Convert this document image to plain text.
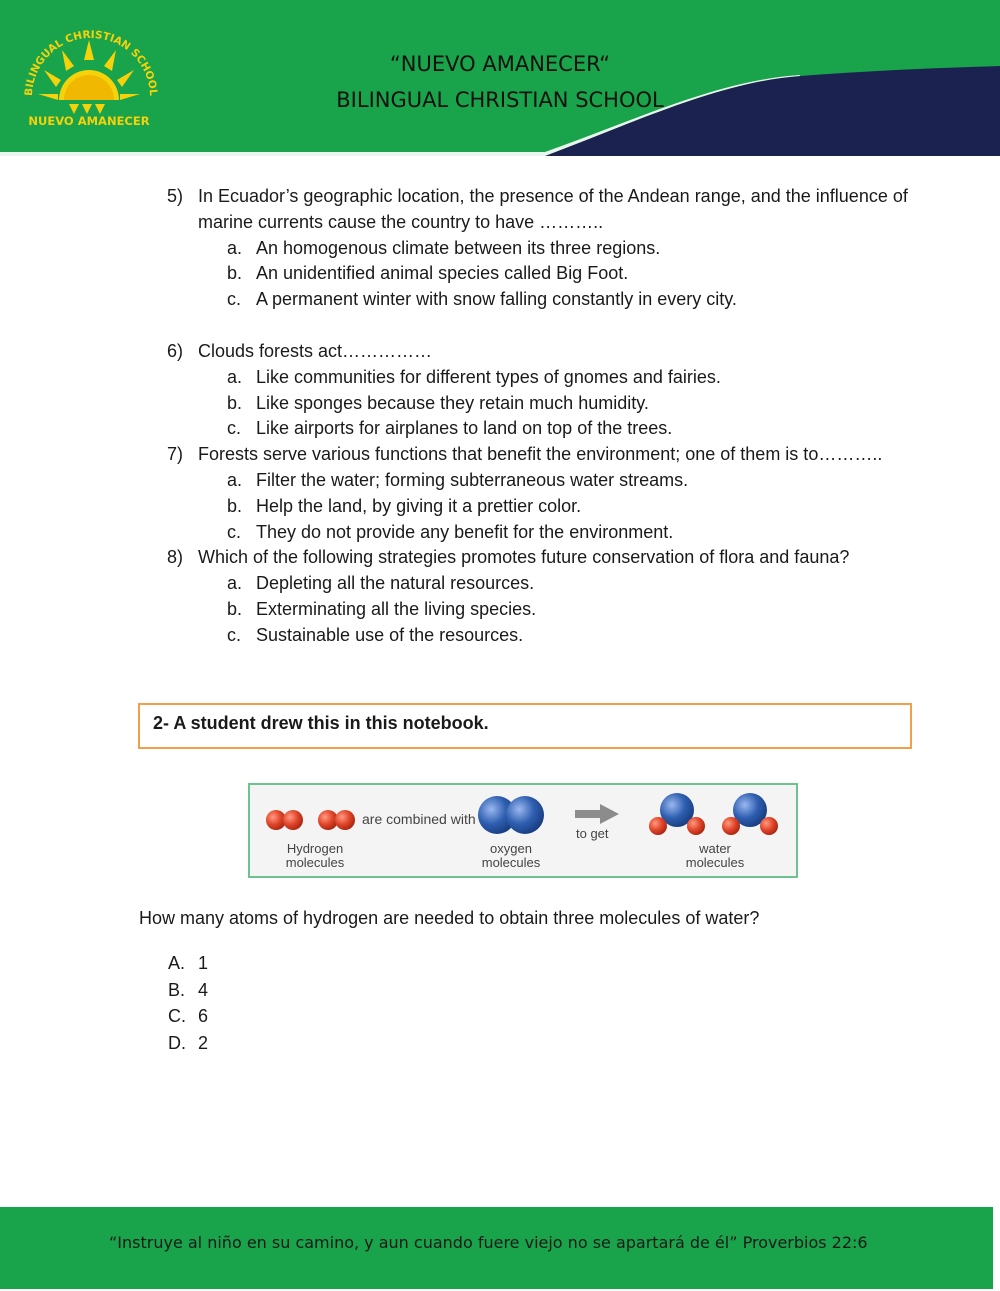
BILINGUAL CHRISTIAN SCHOOL
NUEVO AMANECER
“NUEVO AMANECER“
BILINGUAL CHRISTIAN SCHOOL
5) In Ecuador’s geographic location, the presence of the Andean range, and the influence of marine currents cause the country to have ………..
a. An homogenous climate between its three regions.
b. An unidentified animal species called Big Foot.
c. A permanent winter with snow falling constantly in every city.
6) Clouds forests act……………
a. Like communities for different types of gnomes and fairies.
b. Like sponges because they retain much humidity.
c. Like airports for airplanes to land on top of the trees.
7) Forests serve various functions that benefit the environment; one of them is to………..
a. Filter the water; forming subterraneous water streams.
b. Help the land, by giving it a prettier color.
c. They do not provide any benefit for the environment.
8) Which of the following strategies promotes future conservation of flora and fauna?
a. Depleting all the natural resources.
b. Exterminating all the living species.
c. Sustainable use of the resources.
2- A student drew this in this notebook.
are combined with
to get
Hydrogen
molecules
oxygen
molecules
water
molecules
How many atoms of hydrogen are needed to obtain three molecules of water?
A. 1
B. 4
C. 6
D. 2
“Instruye al niño en su camino, y aun cuando fuere viejo no se apartará de él” Proverbios 22:6
